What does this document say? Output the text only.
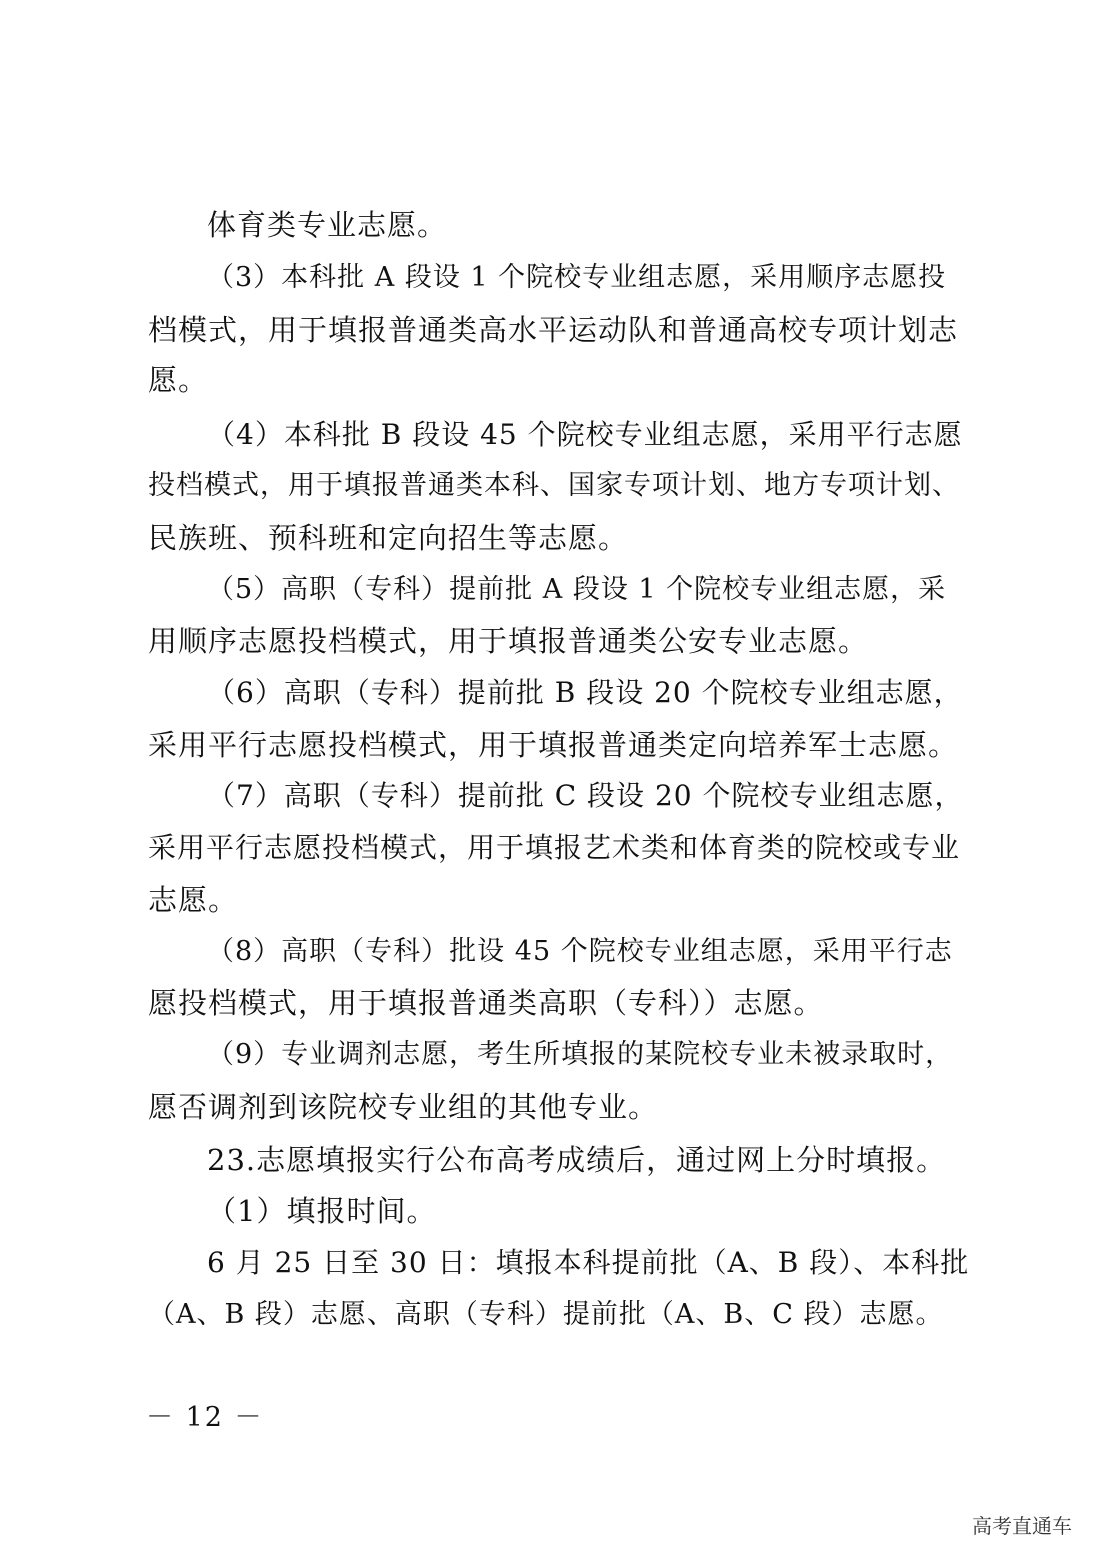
体育类专业志愿。
（3）本科批 A 段设 1 个院校专业组志愿，采用顺序志愿投
档模式，用于填报普通类高水平运动队和普通高校专项计划志
愿。
（4）本科批 B 段设 45 个院校专业组志愿，采用平行志愿
投档模式，用于填报普通类本科、国家专项计划、地方专项计划、
民族班、预科班和定向招生等志愿。
（5）高职（专科）提前批 A 段设 1 个院校专业组志愿，采
用顺序志愿投档模式，用于填报普通类公安专业志愿。
（6）高职（专科）提前批 B 段设 20 个院校专业组志愿，
采用平行志愿投档模式，用于填报普通类定向培养军士志愿。
（7）高职（专科）提前批 C 段设 20 个院校专业组志愿，
采用平行志愿投档模式，用于填报艺术类和体育类的院校或专业
志愿。
（8）高职（专科）批设 45 个院校专业组志愿，采用平行志
愿投档模式，用于填报普通类高职（专科））志愿。
（9）专业调剂志愿，考生所填报的某院校专业未被录取时，
愿否调剂到该院校专业组的其他专业。
23.志愿填报实行公布高考成绩后，通过网上分时填报。
（1）填报时间。
6 月 25 日至 30 日：填报本科提前批（A、B 段）、本科批
（A、B 段）志愿、高职（专科）提前批（A、B、C 段）志愿。
－ 12 －
高考直通车
